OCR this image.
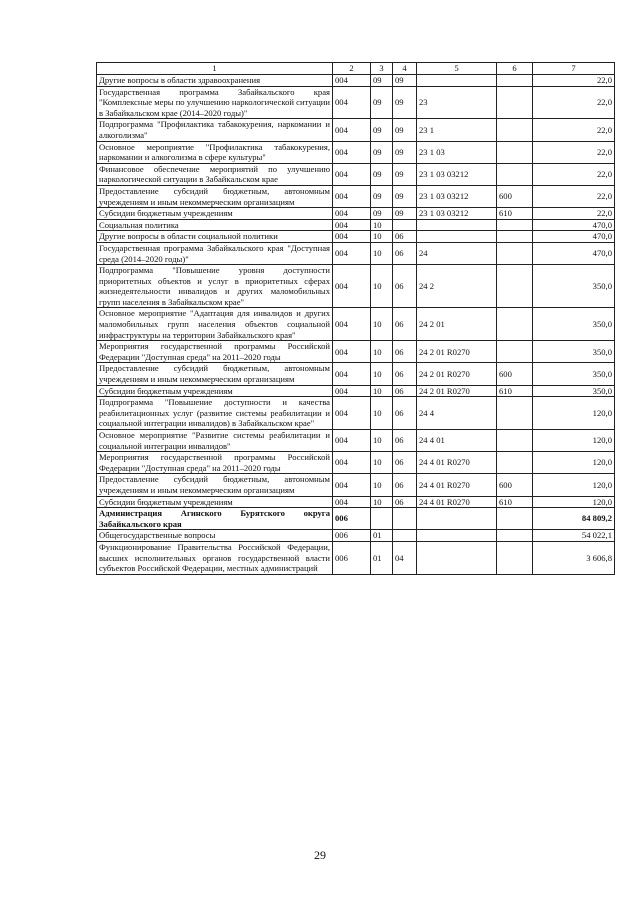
1	2	3	4	5	6	7
Другие вопросы в области здравоохранения	004	09	09			22,0
Государственная программа Забайкальского края "Комплексные меры по улучшению наркологической ситуации в Забайкальском крае (2014–2020 годы)"	004	09	09	23		22,0
Подпрограмма "Профилактика табакокурения, наркомании и алкоголизма"	004	09	09	23 1		22,0
Основное мероприятие "Профилактика табакокурения, наркомании и алкоголизма в сфере культуры"	004	09	09	23 1 03		22,0
Финансовое обеспечение мероприятий по улучшению наркологической ситуации в Забайкальском крае	004	09	09	23 1 03 03212		22,0
Предоставление субсидий бюджетным, автономным учреждениям и иным некоммерческим организациям	004	09	09	23 1 03 03212	600	22,0
Субсидии бюджетным учреждениям	004	09	09	23 1 03 03212	610	22,0
Социальная политика	004	10				470,0
Другие вопросы в области социальной политики	004	10	06			470,0
Государственная программа Забайкальского края "Доступная среда (2014–2020 годы)"	004	10	06	24		470,0
Подпрограмма "Повышение уровня доступности приоритетных объектов и услуг в приоритетных сферах жизнедеятельности инвалидов и других маломобильных групп населения в Забайкальском крае"	004	10	06	24 2		350,0
Основное мероприятие "Адаптация для инвалидов и других маломобильных групп населения объектов социальной инфраструктуры на территории Забайкальского края"	004	10	06	24 2 01		350,0
Мероприятия государственной программы Российской Федерации "Доступная среда" на 2011–2020 годы	004	10	06	24 2 01 R0270		350,0
Предоставление субсидий бюджетным, автономным учреждениям и иным некоммерческим организациям	004	10	06	24 2 01 R0270	600	350,0
Субсидии бюджетным учреждениям	004	10	06	24 2 01 R0270	610	350,0
Подпрограмма "Повышение доступности и качества реабилитационных услуг (развитие системы реабилитации и социальной интеграции инвалидов) в Забайкальском крае"	004	10	06	24 4		120,0
Основное мероприятие "Развитие системы реабилитации и социальной интеграции инвалидов"	004	10	06	24 4 01		120,0
Мероприятия государственной программы Российской Федерации "Доступная среда" на 2011–2020 годы	004	10	06	24 4 01 R0270		120,0
Предоставление субсидий бюджетным, автономным учреждениям и иным некоммерческим организациям	004	10	06	24 4 01 R0270	600	120,0
Субсидии бюджетным учреждениям	004	10	06	24 4 01 R0270	610	120,0
Администрация Агинского Бурятского округа Забайкальского края	006					84 809,2
Общегосударственные вопросы	006	01				54 022,1
Функционирование Правительства Российской Федерации, высших исполнительных органов государственной власти субъектов Российской Федерации, местных администраций	006	01	04			3 606,8
29
